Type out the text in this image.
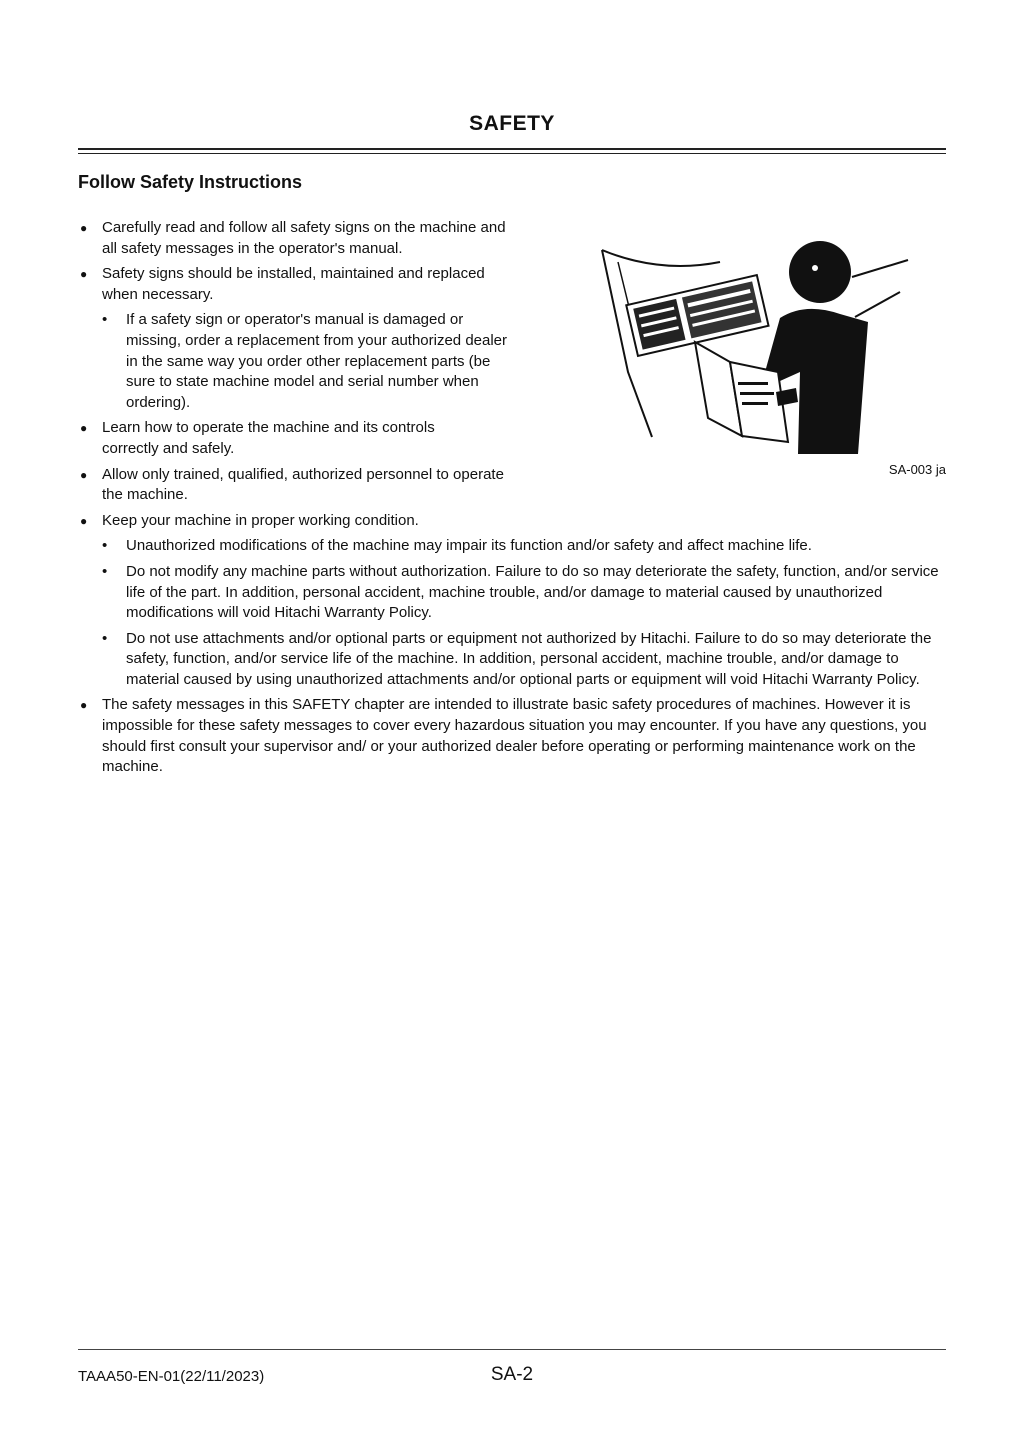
SAFETY
Follow Safety Instructions
● Carefully read and follow all safety signs on the machine and all safety messages in the operator's manual.
● Safety signs should be installed, maintained and replaced when necessary.
• If a safety sign or operator's manual is damaged or missing, order a replacement from your authorized dealer in the same way you order other replacement parts (be sure to state machine model and serial number when ordering).
● Learn how to operate the machine and its controls correctly and safely.
● Allow only trained, qualified, authorized personnel to operate the machine.
● Keep your machine in proper working condition.
• Unauthorized modifications of the machine may impair its function and/or safety and affect machine life.
• Do not modify any machine parts without authorization. Failure to do so may deteriorate the safety, function, and/or service life of the part. In addition, personal accident, machine trouble, and/or damage to material caused by unauthorized modifications will void Hitachi Warranty Policy.
• Do not use attachments and/or optional parts or equipment not authorized by Hitachi. Failure to do so may deteriorate the safety, function, and/or service life of the machine. In addition, personal accident, machine trouble, and/or damage to material caused by using unauthorized attachments and/or optional parts or equipment will void Hitachi Warranty Policy.
● The safety messages in this SAFETY chapter are intended to illustrate basic safety procedures of machines. However it is impossible for these safety messages to cover every hazardous situation you may encounter. If you have any questions, you should first consult your supervisor and/ or your authorized dealer before operating or performing maintenance work on the machine.
SA-003 ja
TAAA50-EN-01(22/11/2023)	SA-2
